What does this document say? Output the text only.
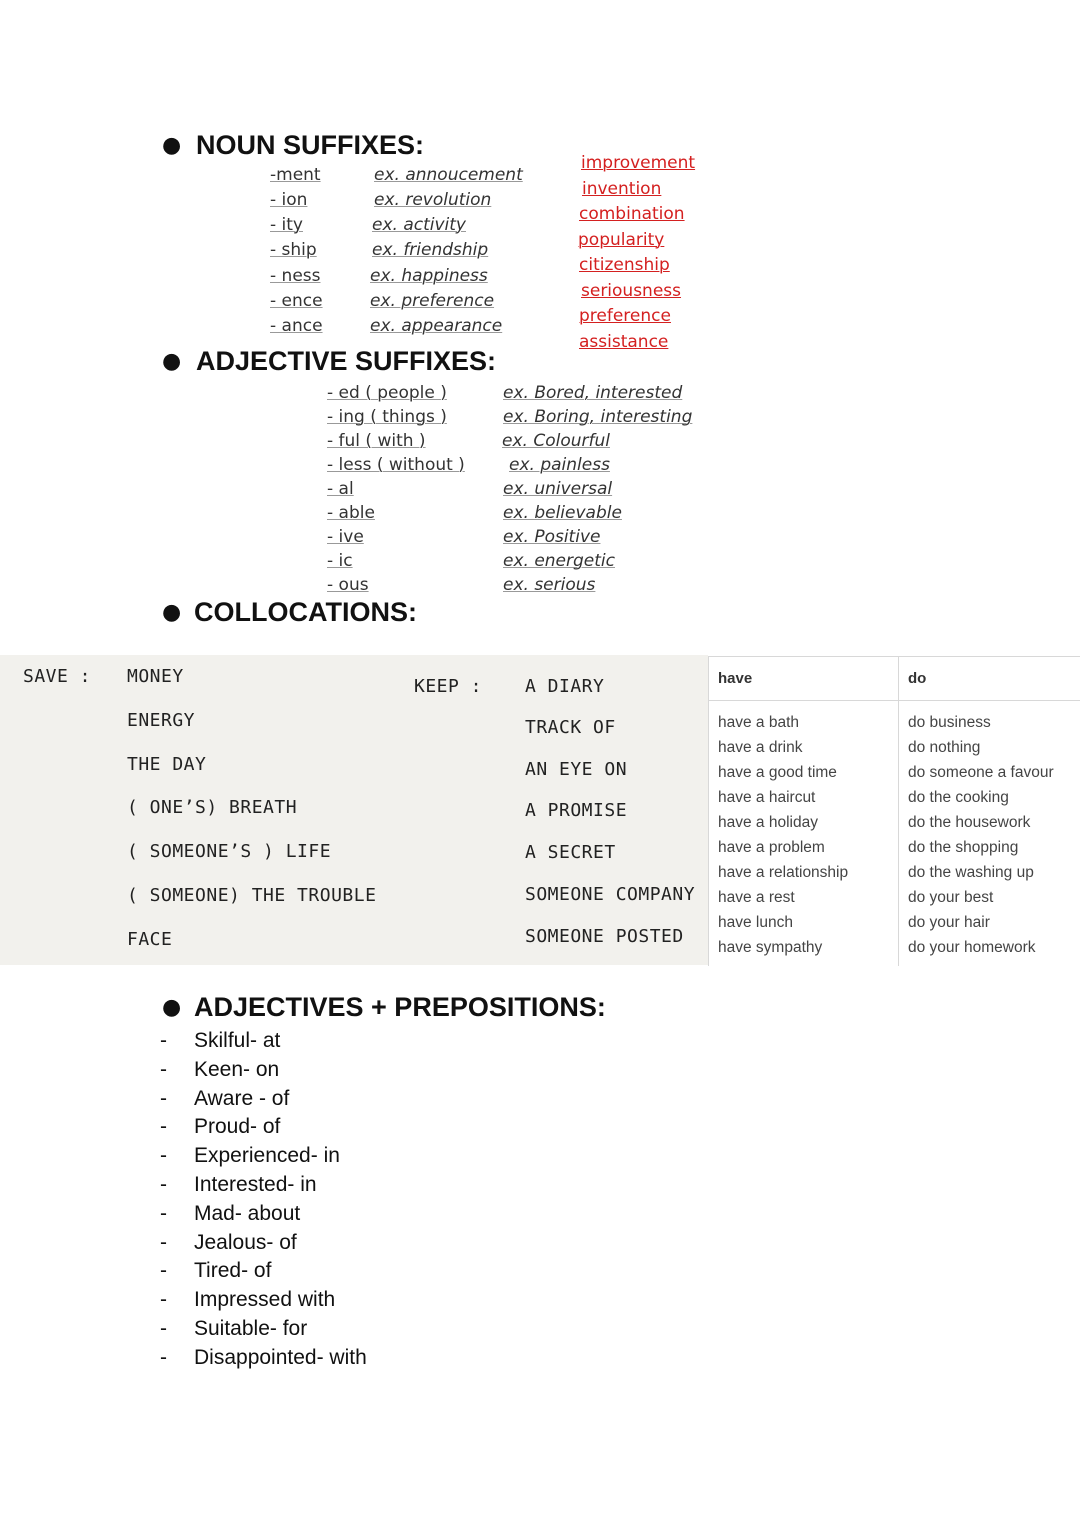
● NOUN SUFFIXES:
-ment
- ion
- ity
- ship
- ness
- ence
- ance
ex. annoucement
ex. revolution
ex. activity
ex. friendship
ex. happiness
ex. preference
ex. appearance
improvement
invention
combination
popularity
citizenship
seriousness
preference
assistance
● ADJECTIVE SUFFIXES:
- ed ( people )
- ing ( things )
- ful ( with )
- less ( without )
- al
- able
- ive
- ic
- ous
ex. Bored, interested
ex. Boring, interesting
ex. Colourful
ex. painless
ex. universal
ex. believable
ex. Positive
ex. energetic
ex. serious
● COLLOCATIONS:
SAVE : MONEY
ENERGY
THE DAY
( ONE’S) BREATH
( SOMEONE’S ) LIFE
( SOMEONE) THE TROUBLE
FACE
KEEP : A DIARY
TRACK OF
AN EYE ON
A PROMISE
A SECRET
SOMEONE COMPANY
SOMEONE POSTED
have	do
have a bath
have a drink
have a good time
have a haircut
have a holiday
have a problem
have a relationship
have a rest
have lunch
have sympathy
do business
do nothing
do someone a favour
do the cooking
do the housework
do the shopping
do the washing up
do your best
do your hair
do your homework
● ADJECTIVES + PREPOSITIONS:
- Skilful- at
- Keen- on
- Aware - of
- Proud- of
- Experienced- in
- Interested- in
- Mad- about
- Jealous- of
- Tired- of
- Impressed with
- Suitable- for
- Disappointed- with
